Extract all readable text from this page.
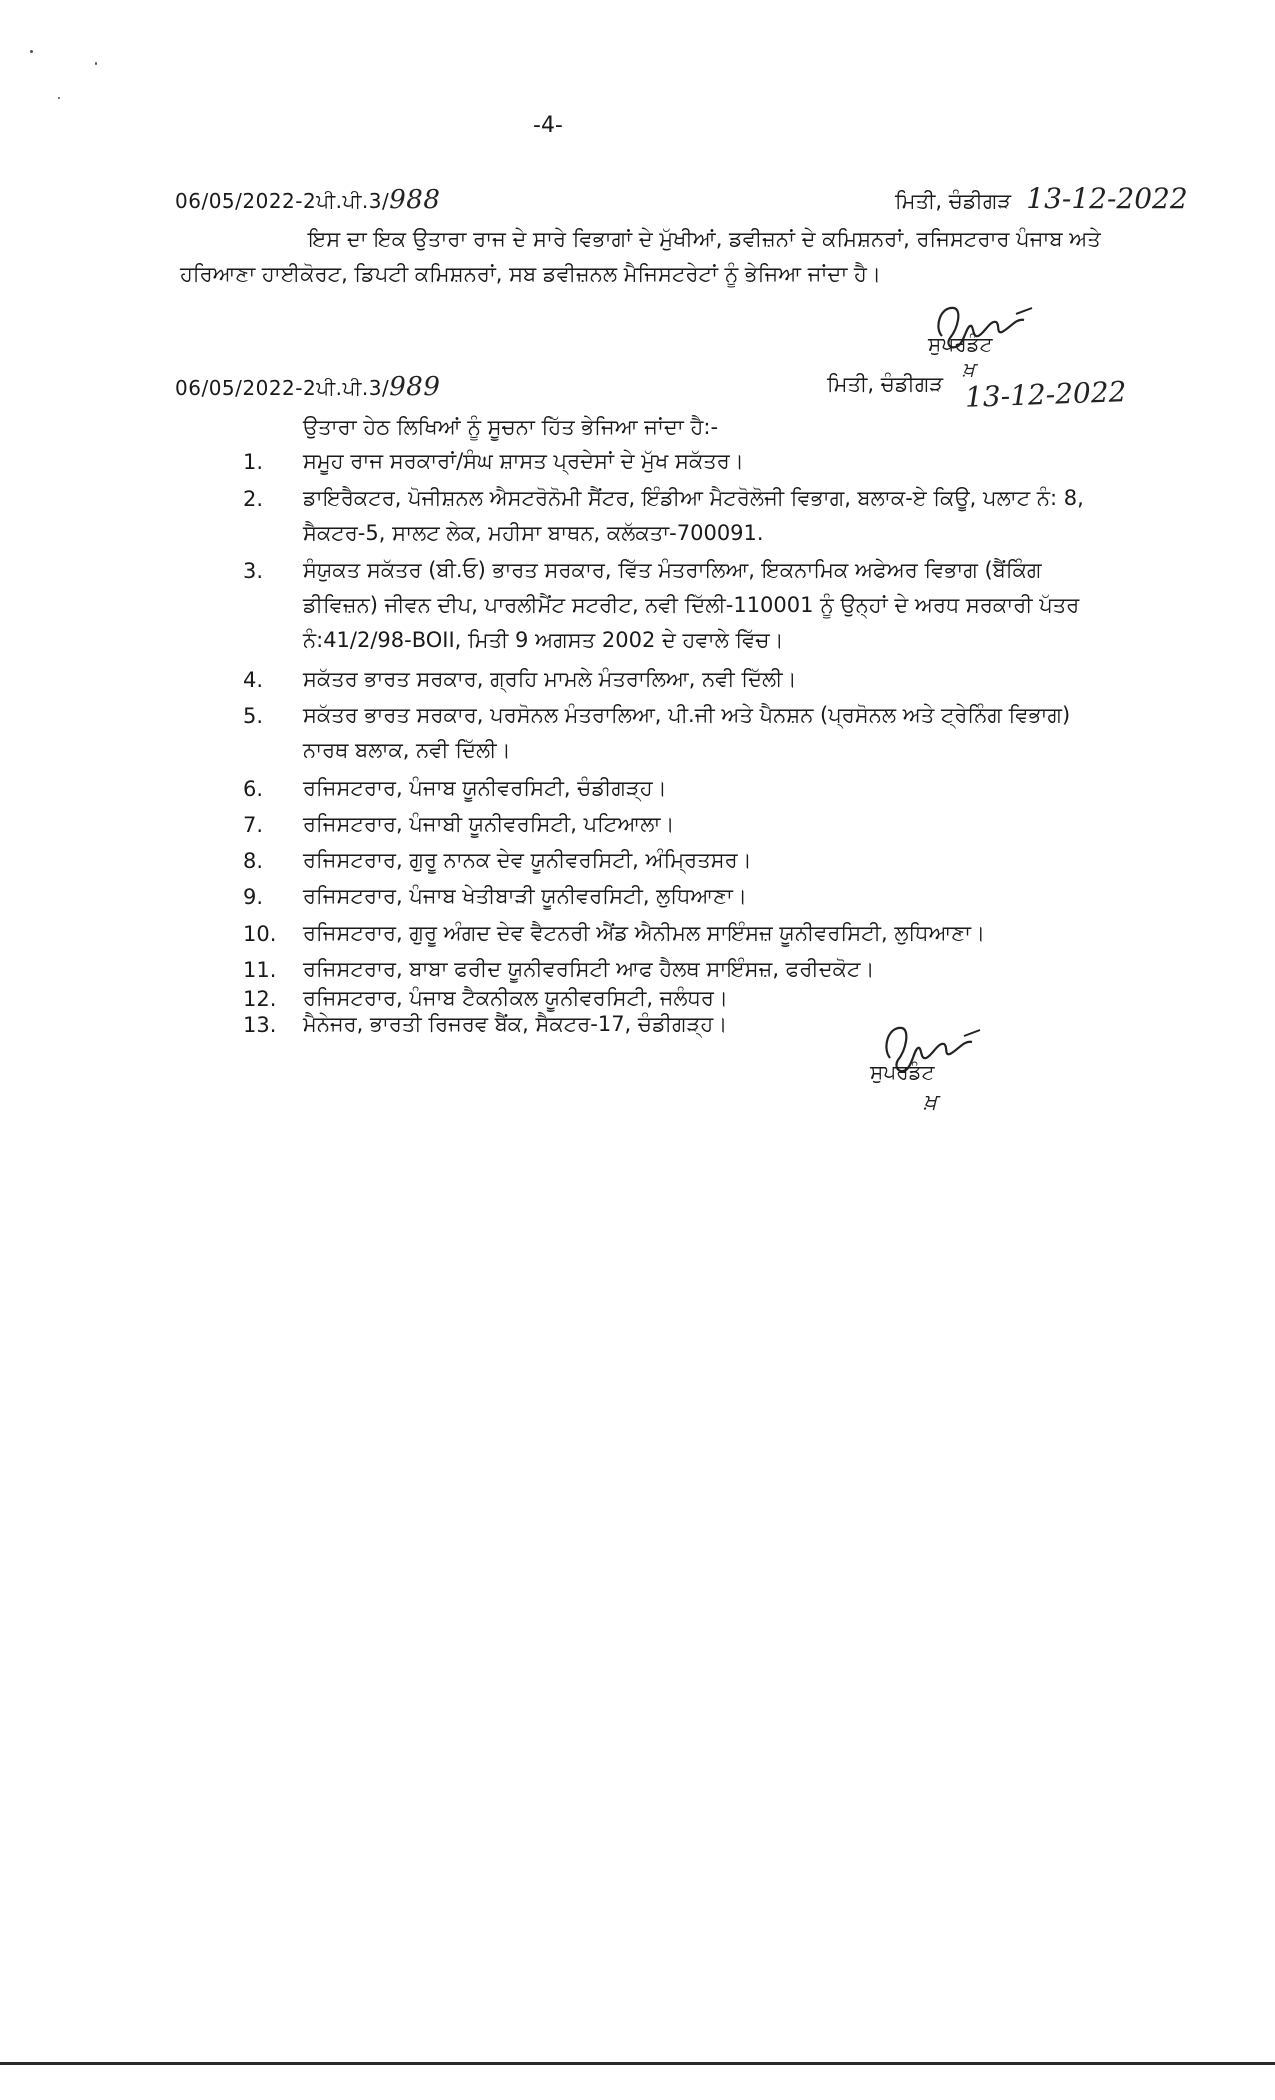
-4-
06/05/2022-2ਪੀ.ਪੀ.3/988	ਮਿਤੀ, ਚੰਡੀਗੜ 13-12-2022
ਇਸ ਦਾ ਇਕ ਉਤਾਰਾ ਰਾਜ ਦੇ ਸਾਰੇ ਵਿਭਾਗਾਂ ਦੇ ਮੁੱਖੀਆਂ, ਡਵੀਜ਼ਨਾਂ ਦੇ ਕਮਿਸ਼ਨਰਾਂ, ਰਜਿਸਟਰਾਰ ਪੰਜਾਬ ਅਤੇ ਹਰਿਆਣਾ ਹਾਈਕੋਰਟ, ਡਿਪਟੀ ਕਮਿਸ਼ਨਰਾਂ, ਸਬ ਡਵੀਜ਼ਨਲ ਮੈਜਿਸਟਰੇਟਾਂ ਨੂੰ ਭੇਜਿਆ ਜਾਂਦਾ ਹੈ।
ਸੁਪਰਡੰਟ
ਖ਼
06/05/2022-2ਪੀ.ਪੀ.3/989	ਮਿਤੀ, ਚੰਡੀਗੜ 13-12-2022
ਉਤਾਰਾ ਹੇਠ ਲਿਖਿਆਂ ਨੂੰ ਸੂਚਨਾ ਹਿੱਤ ਭੇਜਿਆ ਜਾਂਦਾ ਹੈ:-
1. ਸਮੂਹ ਰਾਜ ਸਰਕਾਰਾਂ/ਸੰਘ ਸ਼ਾਸਤ ਪ੍ਰਦੇਸਾਂ ਦੇ ਮੁੱਖ ਸਕੱਤਰ।
2. ਡਾਇਰੈਕਟਰ, ਪੋਜੀਸ਼ਨਲ ਐਸਟਰੋਨੋਮੀ ਸੈਂਟਰ, ਇੰਡੀਆ ਮੈਟਰੋਲੋਜੀ ਵਿਭਾਗ, ਬਲਾਕ-ਏ ਕਿਊ, ਪਲਾਟ ਨੰ: 8, ਸੈਕਟਰ-5, ਸਾਲਟ ਲੇਕ, ਮਹੀਸਾ ਬਾਥਨ, ਕਲੱਕਤਾ-700091.
3. ਸੰਯੁਕਤ ਸਕੱਤਰ (ਬੀ.ਓ) ਭਾਰਤ ਸਰਕਾਰ, ਵਿੱਤ ਮੰਤਰਾਲਿਆ, ਇਕਨਾਮਿਕ ਅਫੇਅਰ ਵਿਭਾਗ (ਬੈਂਕਿੰਗ ਡੀਵਿਜ਼ਨ) ਜੀਵਨ ਦੀਪ, ਪਾਰਲੀਮੈਂਟ ਸਟਰੀਟ, ਨਵੀ ਦਿੱਲੀ-110001 ਨੂੰ ਉਨ੍ਹਾਂ ਦੇ ਅਰਧ ਸਰਕਾਰੀ ਪੱਤਰ ਨੰ:41/2/98-BOII, ਮਿਤੀ 9 ਅਗਸਤ 2002 ਦੇ ਹਵਾਲੇ ਵਿੱਚ।
4. ਸਕੱਤਰ ਭਾਰਤ ਸਰਕਾਰ, ਗ੍ਰਹਿ ਮਾਮਲੇ ਮੰਤਰਾਲਿਆ, ਨਵੀ ਦਿੱਲੀ।
5. ਸਕੱਤਰ ਭਾਰਤ ਸਰਕਾਰ, ਪਰਸੋਨਲ ਮੰਤਰਾਲਿਆ, ਪੀ.ਜੀ ਅਤੇ ਪੈਨਸ਼ਨ (ਪ੍ਰਸੋਨਲ ਅਤੇ ਟ੍ਰੇਨਿੰਗ ਵਿਭਾਗ) ਨਾਰਥ ਬਲਾਕ, ਨਵੀ ਦਿੱਲੀ।
6. ਰਜਿਸਟਰਾਰ, ਪੰਜਾਬ ਯੂਨੀਵਰਸਿਟੀ, ਚੰਡੀਗੜ੍ਹ।
7. ਰਜਿਸਟਰਾਰ, ਪੰਜਾਬੀ ਯੂਨੀਵਰਸਿਟੀ, ਪਟਿਆਲਾ।
8. ਰਜਿਸਟਰਾਰ, ਗੁਰੂ ਨਾਨਕ ਦੇਵ ਯੂਨੀਵਰਸਿਟੀ, ਅੰਮ੍ਰਿਤਸਰ।
9. ਰਜਿਸਟਰਾਰ, ਪੰਜਾਬ ਖੇਤੀਬਾੜੀ ਯੂਨੀਵਰਸਿਟੀ, ਲੁਧਿਆਣਾ।
10. ਰਜਿਸਟਰਾਰ, ਗੁਰੂ ਅੰਗਦ ਦੇਵ ਵੈਟਨਰੀ ਐਂਡ ਐਨੀਮਲ ਸਾਇੰਸਜ਼ ਯੂਨੀਵਰਸਿਟੀ, ਲੁਧਿਆਣਾ।
11. ਰਜਿਸਟਰਾਰ, ਬਾਬਾ ਫਰੀਦ ਯੂਨੀਵਰਸਿਟੀ ਆਫ ਹੈਲਥ ਸਾਇੰਸਜ਼, ਫਰੀਦਕੋਟ।
12. ਰਜਿਸਟਰਾਰ, ਪੰਜਾਬ ਟੈਕਨੀਕਲ ਯੂਨੀਵਰਸਿਟੀ, ਜਲੰਧਰ।
13. ਮੈਨੇਜਰ, ਭਾਰਤੀ ਰਿਜਰਵ ਬੈਂਕ, ਸੈਕਟਰ-17, ਚੰਡੀਗੜ੍ਹ।
ਸੁਪਰਡੰਟ
ਖ਼
